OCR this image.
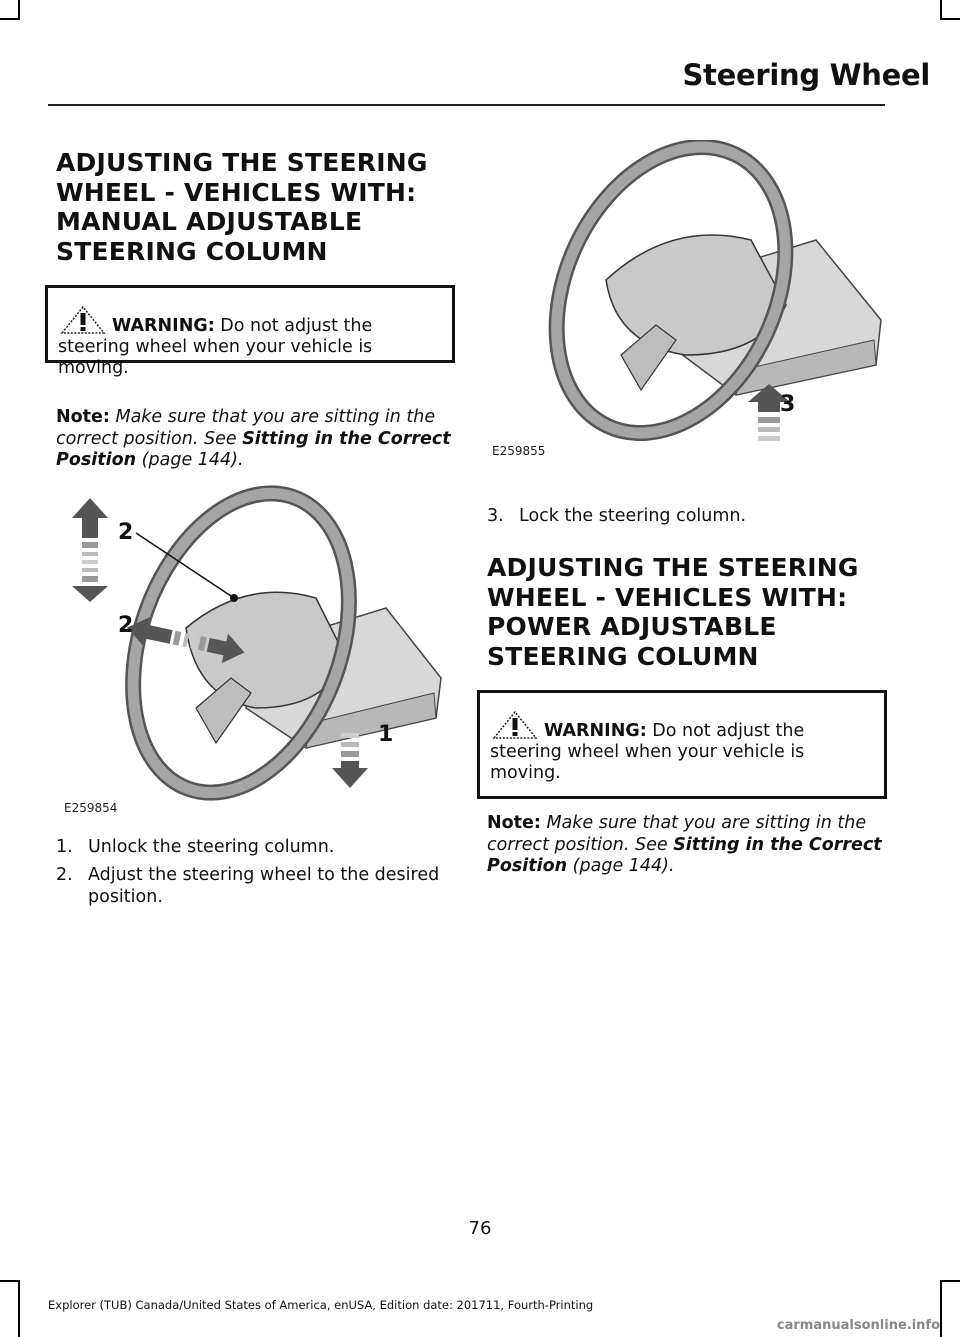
Steering Wheel
ADJUSTING THE STEERING
WHEEL - VEHICLES WITH:
MANUAL ADJUSTABLE
STEERING COLUMN
WARNING: Do not adjust the steering wheel when your vehicle is moving.
Note: Make sure that you are sitting in the correct position. See Sitting in the Correct Position (page 144).
2
2
1
E259854
1. Unlock the steering column.
2. Adjust the steering wheel to the desired position.
3
E259855
3. Lock the steering column.
ADJUSTING THE STEERING
WHEEL - VEHICLES WITH:
POWER ADJUSTABLE
STEERING COLUMN
WARNING: Do not adjust the steering wheel when your vehicle is moving.
Note: Make sure that you are sitting in the correct position. See Sitting in the Correct Position (page 144).
76
Explorer (TUB) Canada/United States of America, enUSA, Edition date: 201711, Fourth-Printing
carmanualsonline.info
